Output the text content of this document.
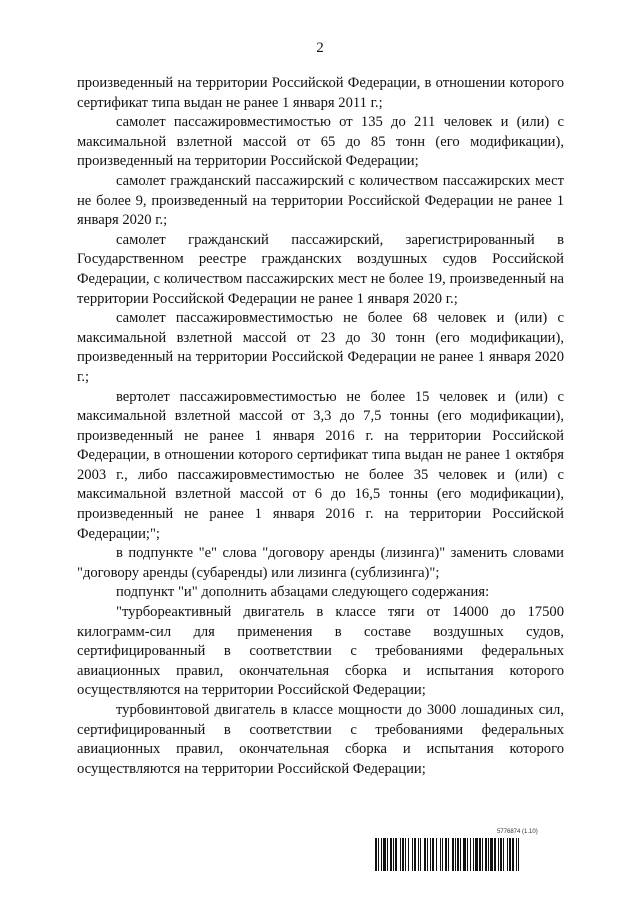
2

произведенный на территории Российской Федерации, в отношении которого сертификат типа выдан не ранее 1 января 2011 г.;

самолет пассажировместимостью от 135 до 211 человек и (или) с максимальной взлетной массой от 65 до 85 тонн (его модификации), произведенный на территории Российской Федерации;

самолет гражданский пассажирский с количеством пассажирских мест не более 9, произведенный на территории Российской Федерации не ранее 1 января 2020 г.;

самолет гражданский пассажирский, зарегистрированный в Государственном реестре гражданских воздушных судов Российской Федерации, с количеством пассажирских мест не более 19, произведенный на территории Российской Федерации не ранее 1 января 2020 г.;

самолет пассажировместимостью не более 68 человек и (или) с максимальной взлетной массой от 23 до 30 тонн (его модификации), произведенный на территории Российской Федерации не ранее 1 января 2020 г.;

вертолет пассажировместимостью не более 15 человек и (или) с максимальной взлетной массой от 3,3 до 7,5 тонны (его модификации), произведенный не ранее 1 января 2016 г. на территории Российской Федерации, в отношении которого сертификат типа выдан не ранее 1 октября 2003 г., либо пассажировместимостью не более 35 человек и (или) с максимальной взлетной массой от 6 до 16,5 тонны (его модификации), произведенный не ранее 1 января 2016 г. на территории Российской Федерации;";

в подпункте "е" слова "договору аренды (лизинга)" заменить словами "договору аренды (субаренды) или лизинга (сублизинга)";

подпункт "и" дополнить абзацами следующего содержания:

"турбореактивный двигатель в классе тяги от 14000 до 17500 килограмм-сил для применения в составе воздушных судов, сертифицированный в соответствии с требованиями федеральных авиационных правил, окончательная сборка и испытания которого осуществляются на территории Российской Федерации;

турбовинтовой двигатель в классе мощности до 3000 лошадиных сил, сертифицированный в соответствии с требованиями федеральных авиационных правил, окончательная сборка и испытания которого осуществляются на территории Российской Федерации;

5776874 (1.10)
